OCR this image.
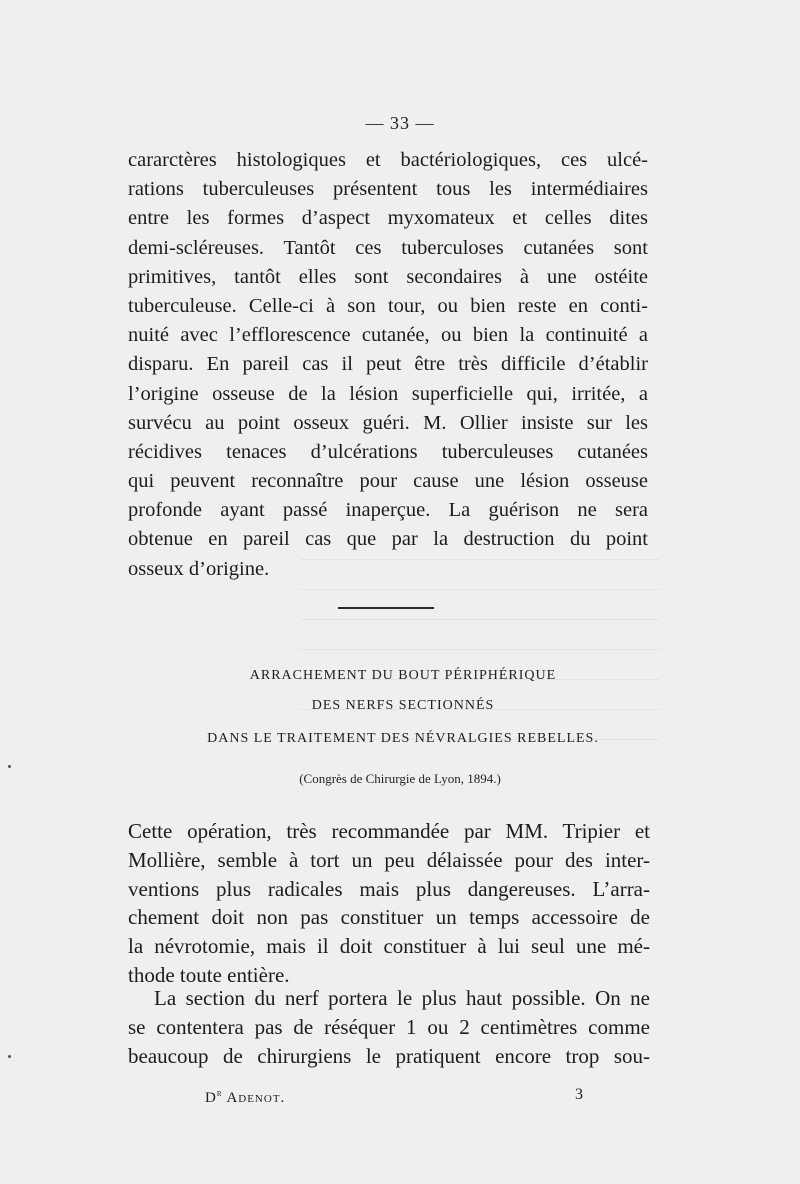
— 33 —
cararctères histologiques et bactériologiques, ces ulcé-
rations tuberculeuses présentent tous les intermédiaires
entre les formes d’aspect myxomateux et celles dites
demi-scléreuses. Tantôt ces tuberculoses cutanées sont
primitives, tantôt elles sont secondaires à une ostéite
tuberculeuse. Celle-ci à son tour, ou bien reste en conti-
nuité avec l’efflorescence cutanée, ou bien la continuité a
disparu. En pareil cas il peut être très difficile d’établir
l’origine osseuse de la lésion superficielle qui, irritée, a
survécu au point osseux guéri. M. Ollier insiste sur les
récidives tenaces d’ulcérations tuberculeuses cutanées
qui peuvent reconnaître pour cause une lésion osseuse
profonde ayant passé inaperçue. La guérison ne sera
obtenue en pareil cas que par la destruction du point
osseux d’origine.
ARRACHEMENT DU BOUT PÉRIPHÉRIQUE
DES NERFS SECTIONNÉS
DANS LE TRAITEMENT DES NÉVRALGIES REBELLES.
(Congrès de Chirurgie de Lyon, 1894.)
Cette opération, très recommandée par MM. Tripier et
Mollière, semble à tort un peu délaissée pour des inter-
ventions plus radicales mais plus dangereuses. L’arra-
chement doit non pas constituer un temps accessoire de
la névrotomie, mais il doit constituer à lui seul une mé-
thode toute entière.
La section du nerf portera le plus haut possible. On ne
se contentera pas de réséquer 1 ou 2 centimètres comme
beaucoup de chirurgiens le pratiquent encore trop sou-
$D^r$ Adenot.	3
